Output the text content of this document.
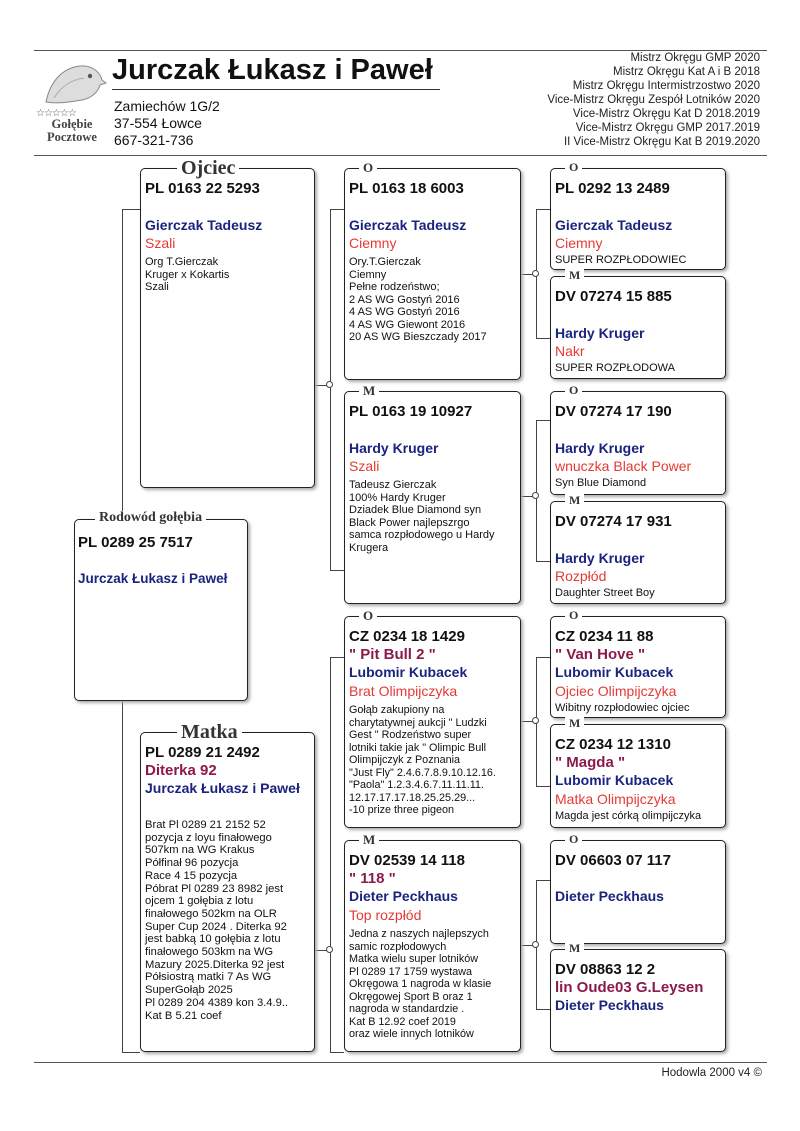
☆☆☆☆☆
Gołębie
Pocztowe
Jurczak Łukasz i Paweł
Zamiechów 1G/2
37-554 Łowce
667-321-736
Mistrz Okręgu GMP 2020
Mistrz Okręgu Kat A i B 2018
Mistrz Okręgu Intermistrzostwo 2020
Vice-Mistrz Okręgu Zespół Lotników 2020
Vice-Mistrz Okręgu Kat D 2018.2019
Vice-Mistrz Okręgu GMP 2017.2019
II Vice-Mistrz Okręgu Kat B 2019.2020
Rodowód gołębia
PL 0289 25 7517
Jurczak Łukasz i Paweł
Ojciec
PL 0163 22 5293
Gierczak Tadeusz
Szali
Org T.Gierczak
Kruger x Kokartis
Szali
Matka
PL 0289 21 2492
Diterka 92
Jurczak Łukasz i Paweł
Brat Pl 0289 21 2152 52
pozycja z loyu finałowego
507km na WG Krakus
Półfinał 96 pozycja
Race 4 15 pozycja
Póbrat Pl 0289 23 8982 jest
ojcem 1 gołębia z lotu
finałowego 502km na OLR
Super Cup 2024 . Diterka 92
jest babką 10 gołębia z lotu
finałowego 503km na WG
Mazury 2025.Diterka 92 jest
Półsiostrą matki 7 As WG
SuperGołąb 2025
Pl 0289 204 4389 kon 3.4.9..
Kat B 5.21 coef
O
PL 0163 18 6003
Gierczak Tadeusz
Ciemny
Ory.T.Gierczak
Ciemny
Pełne rodzeństwo;
2 AS WG Gostyń 2016
4 AS WG Gostyń 2016
4 AS WG Giewont 2016
20 AS WG Bieszczady 2017
M
PL 0163 19 10927
Hardy Kruger
Szali
Tadeusz Gierczak
100% Hardy Kruger
Dziadek Blue Diamond syn
Black Power najlepszrgo
samca rozpłodowego u Hardy
Krugera
O
CZ 0234 18 1429
" Pit Bull 2 "
Lubomir Kubacek
Brat Olimpijczyka
Gołąb zakupiony na
charytatywnej aukcji " Ludzki
Gest " Rodzeństwo super
lotniki takie jak " Olimpic Bull
Olimpijczyk z Poznania
"Just Fly" 2.4.6.7.8.9.10.12.16.
"Paola" 1.2.3.4.6.7.11.11.11.
12.17.17.17.18.25.25.29...
-10 prize three pigeon
M
DV 02539 14 118
" 118 "
Dieter Peckhaus
Top rozpłód
Jedna z naszych najlepszych
samic rozpłodowych
Matka wielu super lotników
Pl 0289 17 1759 wystawa
Okręgowa 1 nagroda w klasie
Okręgowej Sport B oraz 1
nagroda w standardzie .
Kat B 12.92 coef 2019
oraz wiele innych lotników
O
PL 0292 13 2489
Gierczak Tadeusz
Ciemny
SUPER ROZPŁODOWIEC
M
DV 07274 15 885
Hardy Kruger
Nakr
SUPER ROZPŁODOWA
O
DV 07274 17 190
Hardy Kruger
wnuczka Black Power
Syn Blue Diamond
M
DV 07274 17 931
Hardy Kruger
Rozpłód
Daughter Street Boy
O
CZ 0234 11 88
" Van Hove "
Lubomir Kubacek
Ojciec Olimpijczyka
Wibitny rozpłodowiec ojciec
M
CZ 0234 12 1310
" Magda "
Lubomir Kubacek
Matka Olimpijczyka
Magda jest córką olimpijczyka
O
DV 06603 07 117
Dieter Peckhaus
M
DV 08863 12 2
lin Oude03 G.Leysen
Dieter Peckhaus
Hodowla 2000 v4 ©
